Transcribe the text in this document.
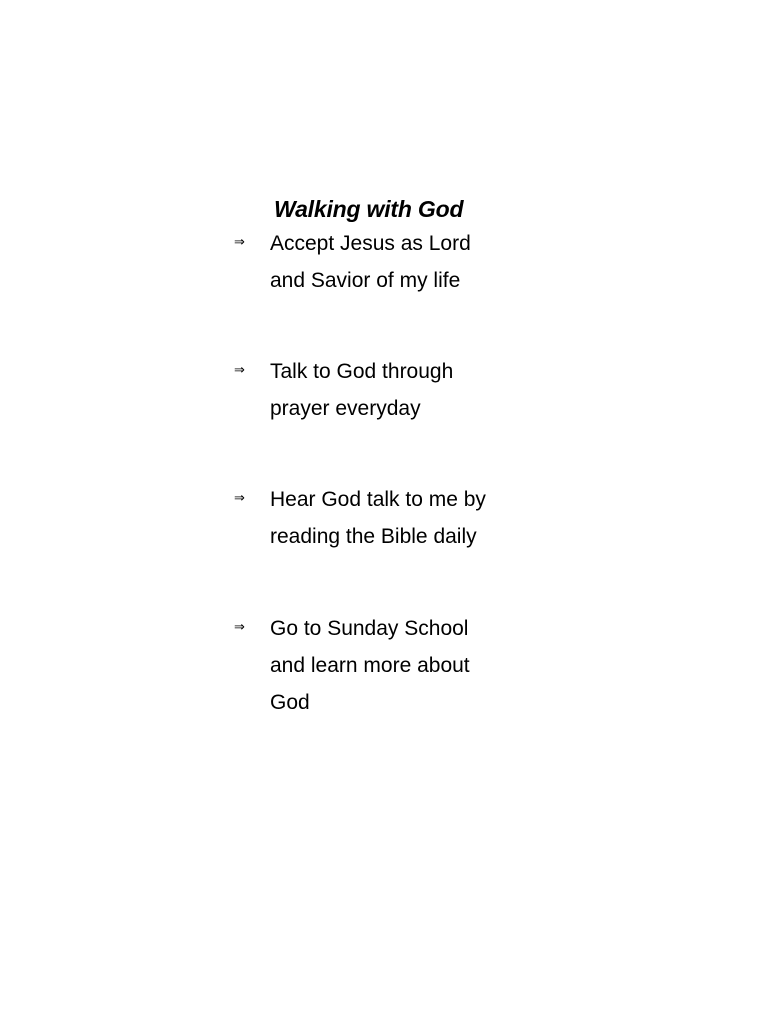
Walking with God
⇒ Accept Jesus as Lord
and Savior of my life
⇒ Talk to God through
prayer everyday
⇒ Hear God talk to me by
reading the Bible daily
⇒ Go to Sunday School
and learn more about
God
